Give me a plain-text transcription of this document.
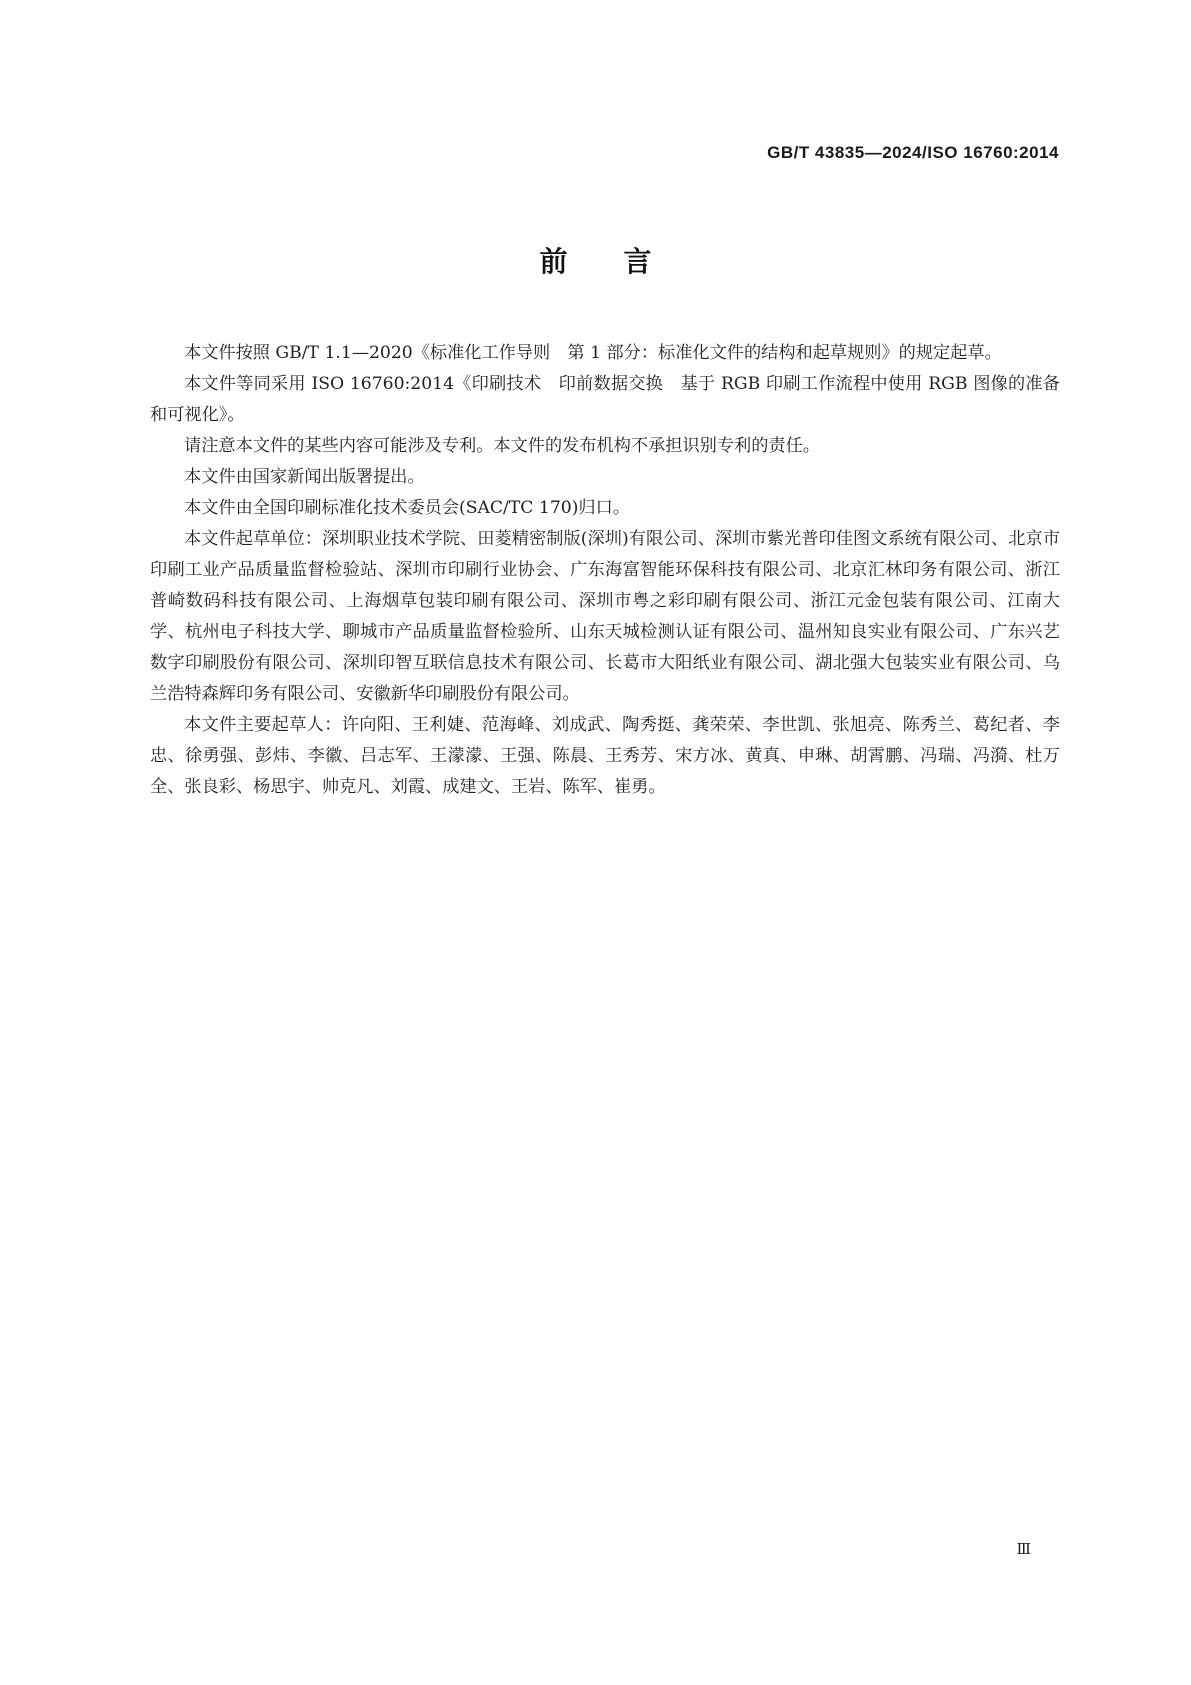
GB/T 43835—2024/ISO 16760:2014
前言

本文件按照 GB/T 1.1—2020《标准化工作导则　第 1 部分：标准化文件的结构和起草规则》的规定起草。

本文件等同采用 ISO 16760:2014《印刷技术　印前数据交换　基于 RGB 印刷工作流程中使用 RGB 图像的准备和可视化》。

请注意本文件的某些内容可能涉及专利。本文件的发布机构不承担识别专利的责任。

本文件由国家新闻出版署提出。

本文件由全国印刷标准化技术委员会(SAC/TC 170)归口。

本文件起草单位：深圳职业技术学院、田菱精密制版(深圳)有限公司、深圳市紫光普印佳图文系统有限公司、北京市印刷工业产品质量监督检验站、深圳市印刷行业协会、广东海富智能环保科技有限公司、北京汇林印务有限公司、浙江普崎数码科技有限公司、上海烟草包装印刷有限公司、深圳市粤之彩印刷有限公司、浙江元金包装有限公司、江南大学、杭州电子科技大学、聊城市产品质量监督检验所、山东天城检测认证有限公司、温州知良实业有限公司、广东兴艺数字印刷股份有限公司、深圳印智互联信息技术有限公司、长葛市大阳纸业有限公司、湖北强大包装实业有限公司、乌兰浩特森辉印务有限公司、安徽新华印刷股份有限公司。

本文件主要起草人：许向阳、王利婕、范海峰、刘成武、陶秀挺、龚荣荣、李世凯、张旭亮、陈秀兰、葛纪者、李忠、徐勇强、彭炜、李徽、吕志军、王濛濛、王强、陈晨、王秀芳、宋方冰、黄真、申琳、胡霄鹏、冯瑞、冯漪、杜万全、张良彩、杨思宇、帅克凡、刘霞、成建文、王岩、陈军、崔勇。

Ⅲ
